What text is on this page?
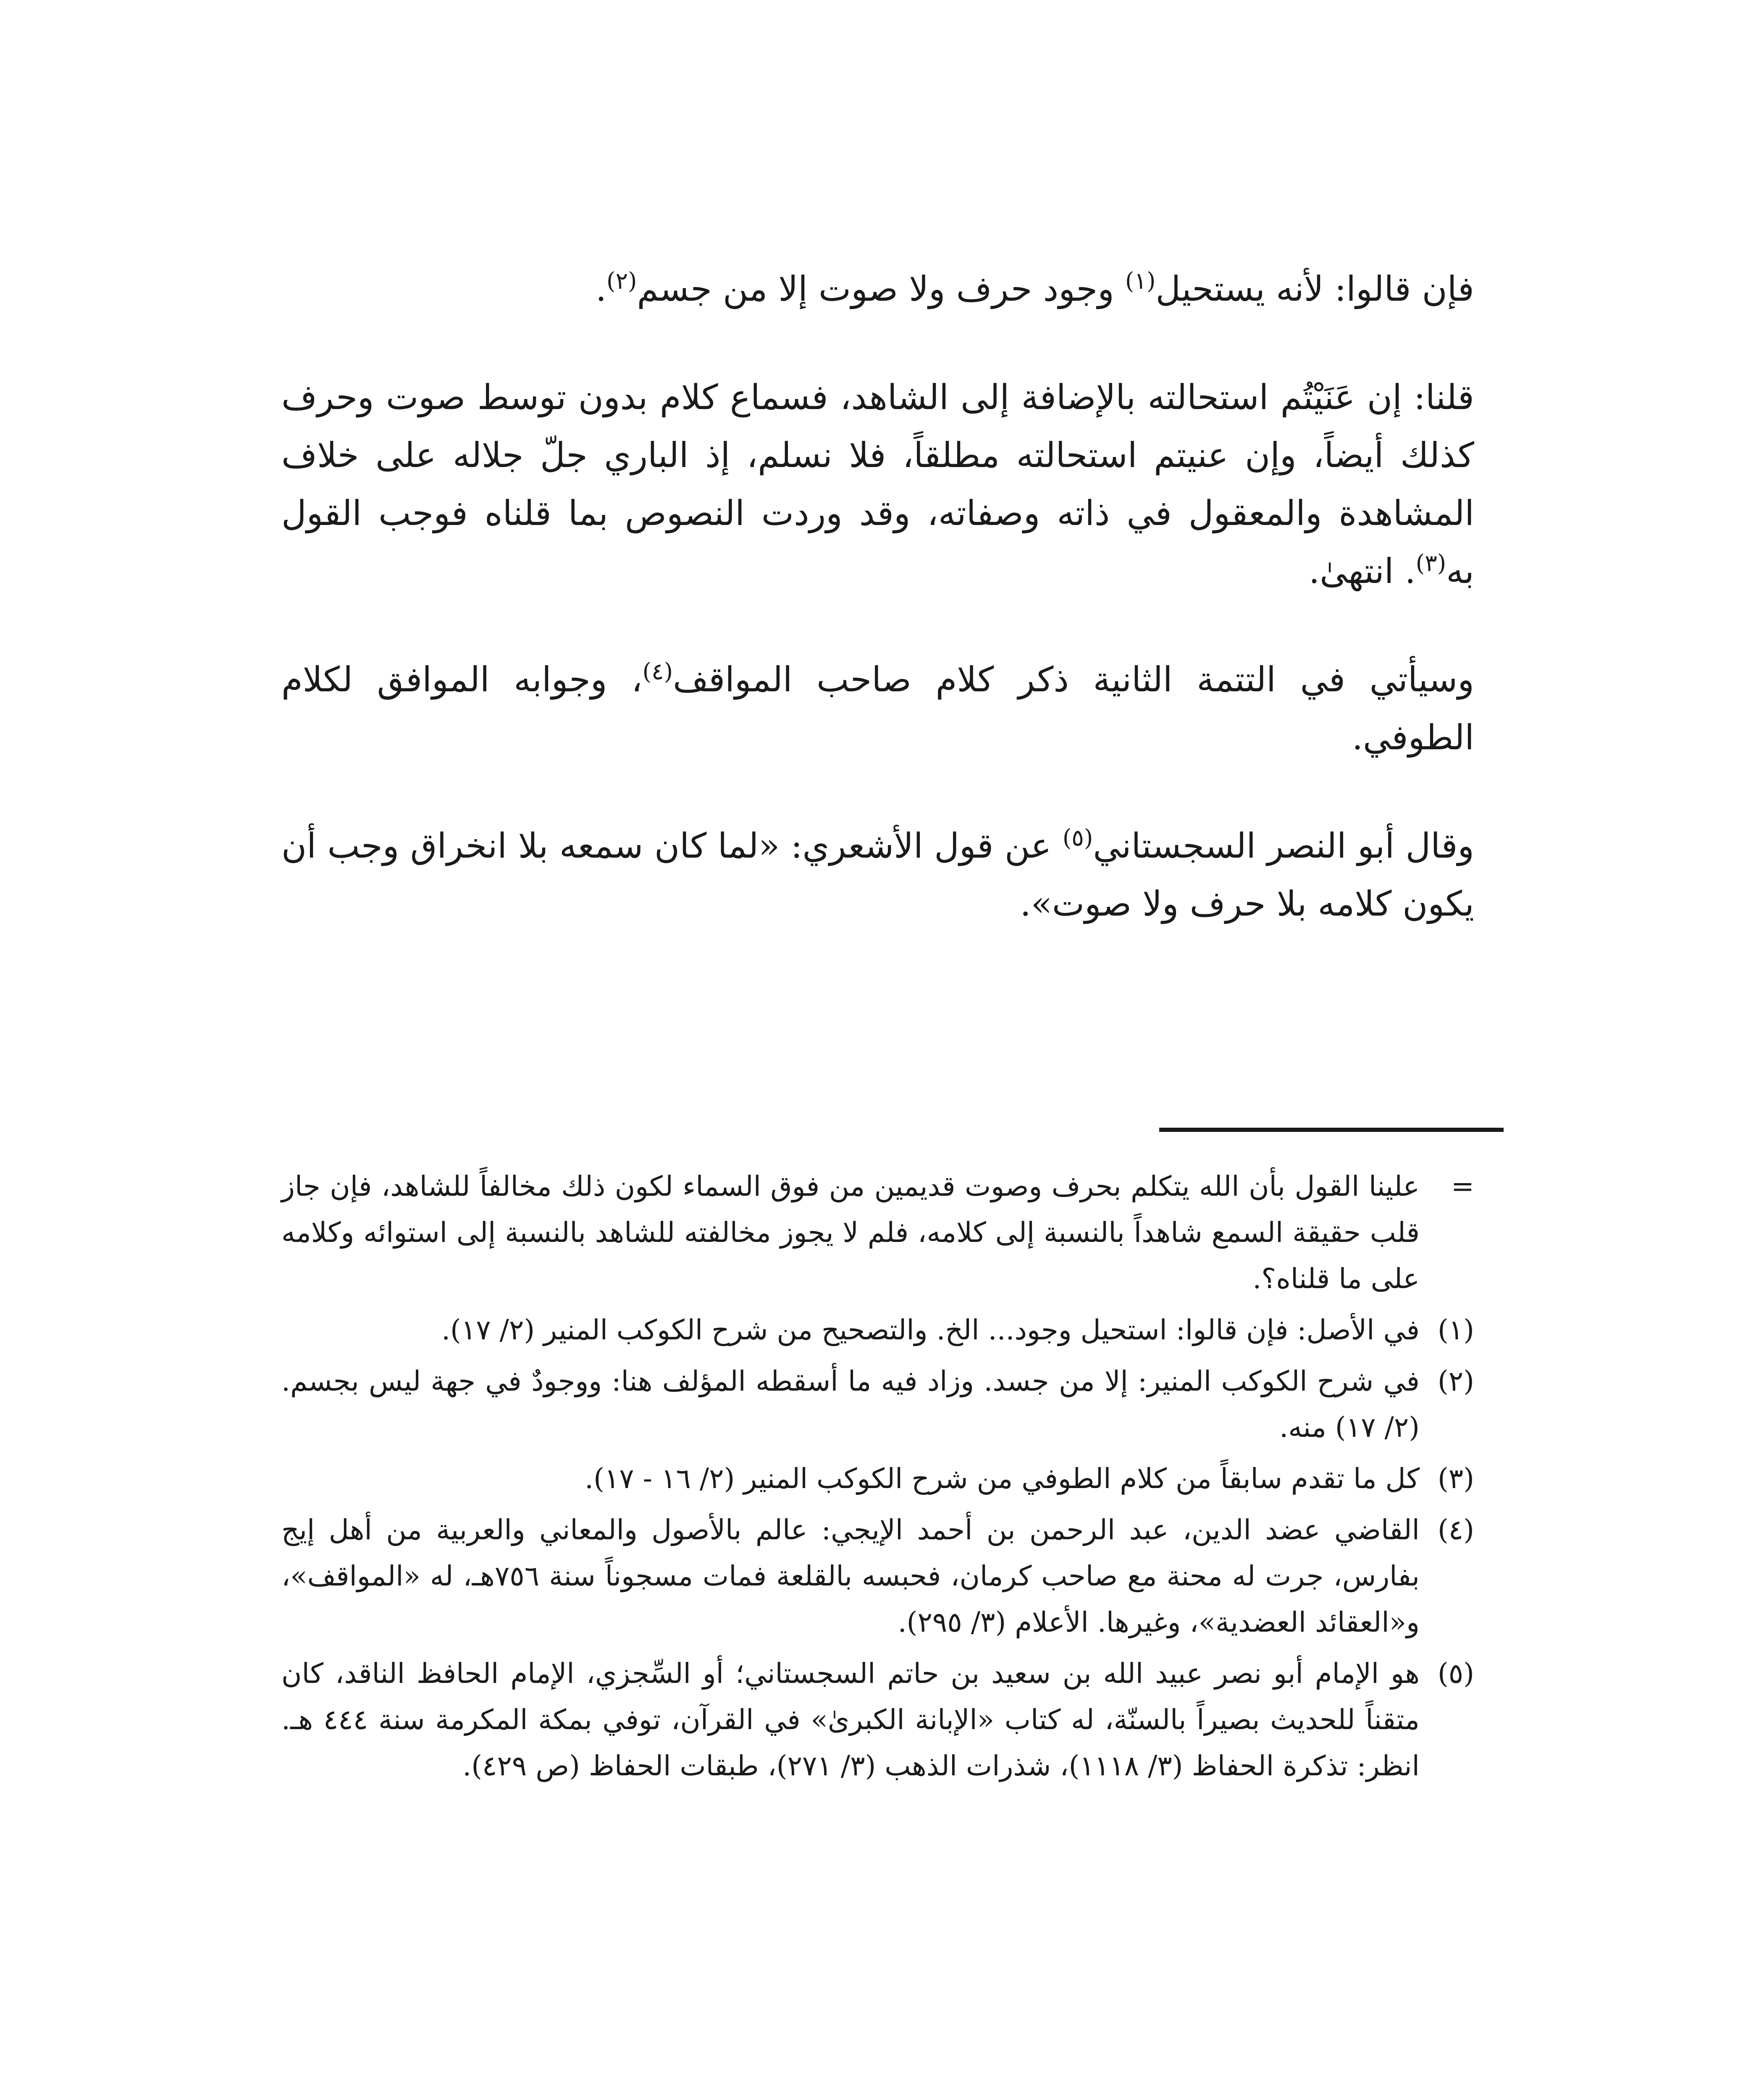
فإن قالوا: لأنه يستحيل$^{(١)}$ وجود حرف ولا صوت إلا من جسم$^{(٢)}$.

قلنا: إن عَنَيْتُم استحالته بالإضافة إلى الشاهد، فسماع كلام بدون توسط صوت وحرف كذلك أيضاً، وإن عنيتم استحالته مطلقاً، فلا نسلم، إذ الباري جلّ جلاله على خلاف المشاهدة والمعقول في ذاته وصفاته، وقد وردت النصوص بما قلناه فوجب القول به$^{(٣)}$. انتهىٰ.

وسيأتي في التتمة الثانية ذكر كلام صاحب المواقف$^{(٤)}$، وجوابه الموافق لكلام الطوفي.

وقال أبو النصر السجستاني$^{(٥)}$ عن قول الأشعري: «لما كان سمعه بلا انخراق وجب أن يكون كلامه بلا حرف ولا صوت».

=
علينا القول بأن الله يتكلم بحرف وصوت قديمين من فوق السماء لكون ذلك مخالفاً للشاهد، فإن جاز قلب حقيقة السمع شاهداً بالنسبة إلى كلامه، فلم لا يجوز مخالفته للشاهد بالنسبة إلى استوائه وكلامه على ما قلناه؟.
(١)
في الأصل: فإن قالوا: استحيل وجود... الخ. والتصحيح من شرح الكوكب المنير (٢/ ١٧).
(٢)
في شرح الكوكب المنير: إلا من جسد. وزاد فيه ما أسقطه المؤلف هنا: ووجودٌ في جهة ليس بجسم. (٢/ ١٧) منه.
(٣)
كل ما تقدم سابقاً من كلام الطوفي من شرح الكوكب المنير (٢/ ١٦ - ١٧).
(٤)
القاضي عضد الدين، عبد الرحمن بن أحمد الإيجي: عالم بالأصول والمعاني والعربية من أهل إيج بفارس، جرت له محنة مع صاحب كرمان، فحبسه بالقلعة فمات مسجوناً سنة ٧٥٦هـ، له «المواقف»، و«العقائد العضدية»، وغيرها. الأعلام (٣/ ٢٩٥).
(٥)
هو الإمام أبو نصر عبيد الله بن سعيد بن حاتم السجستاني؛ أو السِّجزي، الإمام الحافظ الناقد، كان متقناً للحديث بصيراً بالسنّة، له كتاب «الإبانة الكبرىٰ» في القرآن، توفي بمكة المكرمة سنة ٤٤٤ هـ. انظر: تذكرة الحفاظ (٣/ ١١١٨)، شذرات الذهب (٣/ ٢٧١)، طبقات الحفاظ (ص ٤٢٩).
